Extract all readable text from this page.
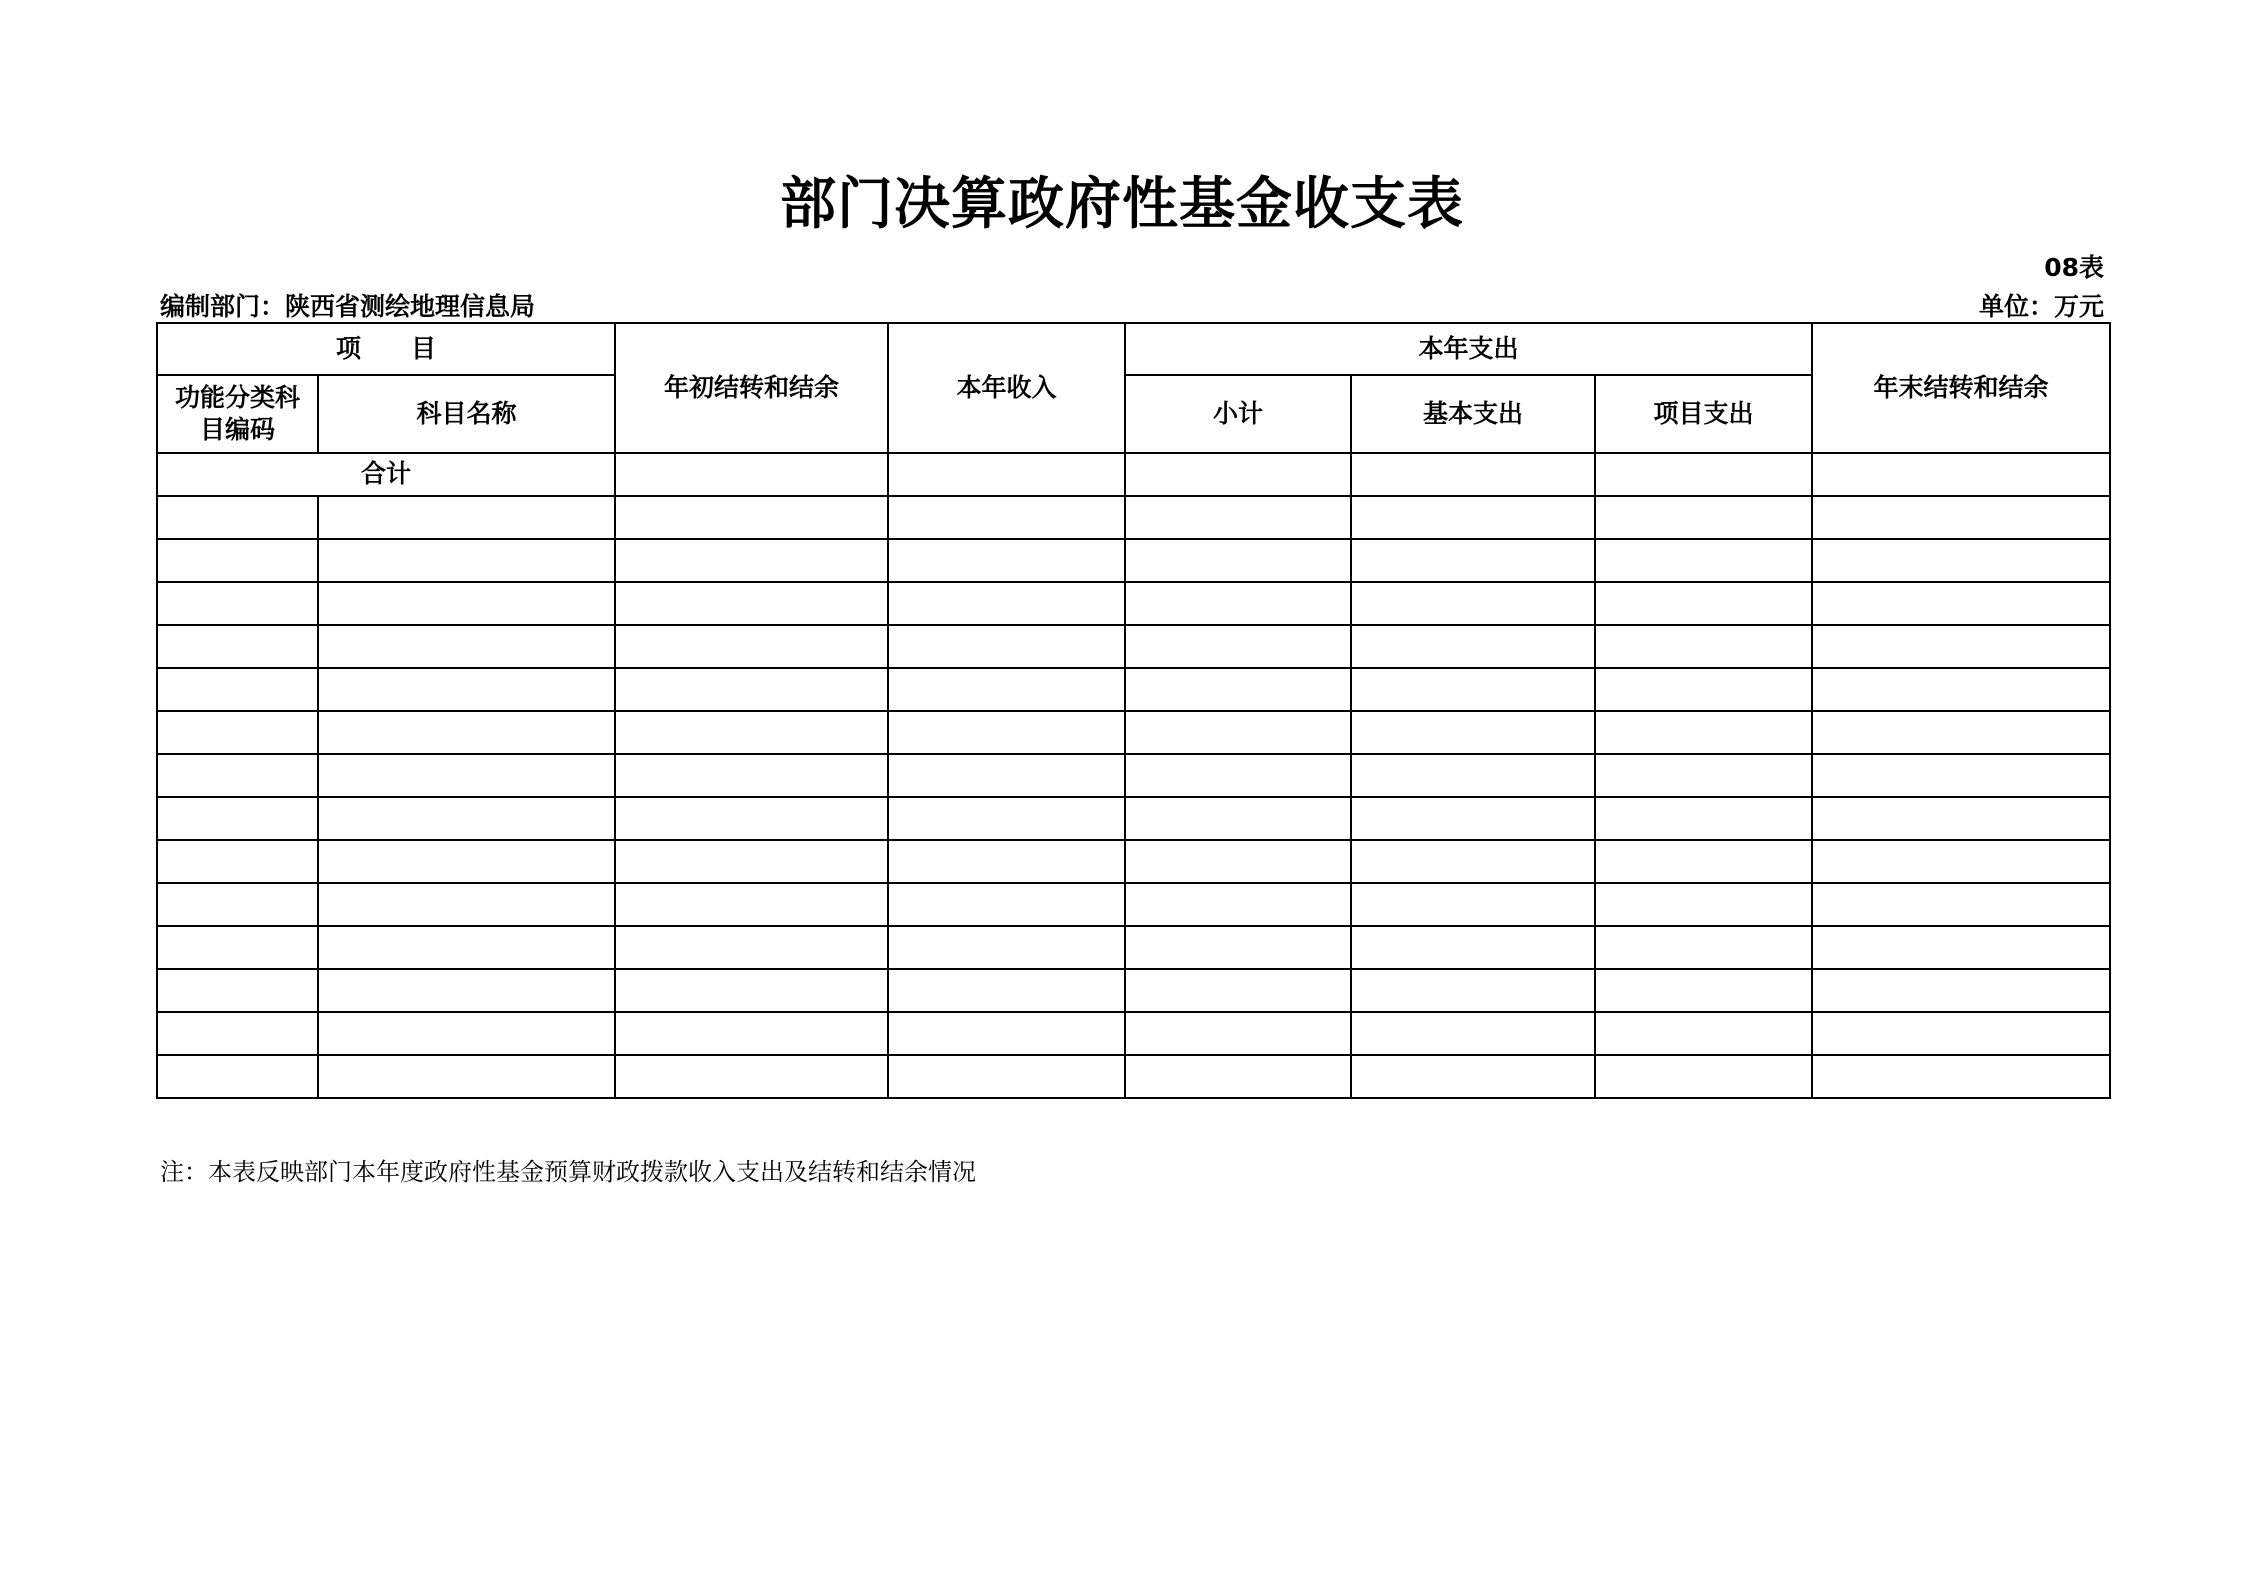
部门决算政府性基金收支表
08表
编制部门：陕西省测绘地理信息局	单位：万元
项　　目		年初结转和结余	本年收入	本年支出			年末结转和结余
功能分类科目编码	科目名称			小计	基本支出	项目支出	
合计							

注：本表反映部门本年度政府性基金预算财政拨款收入支出及结转和结余情况
